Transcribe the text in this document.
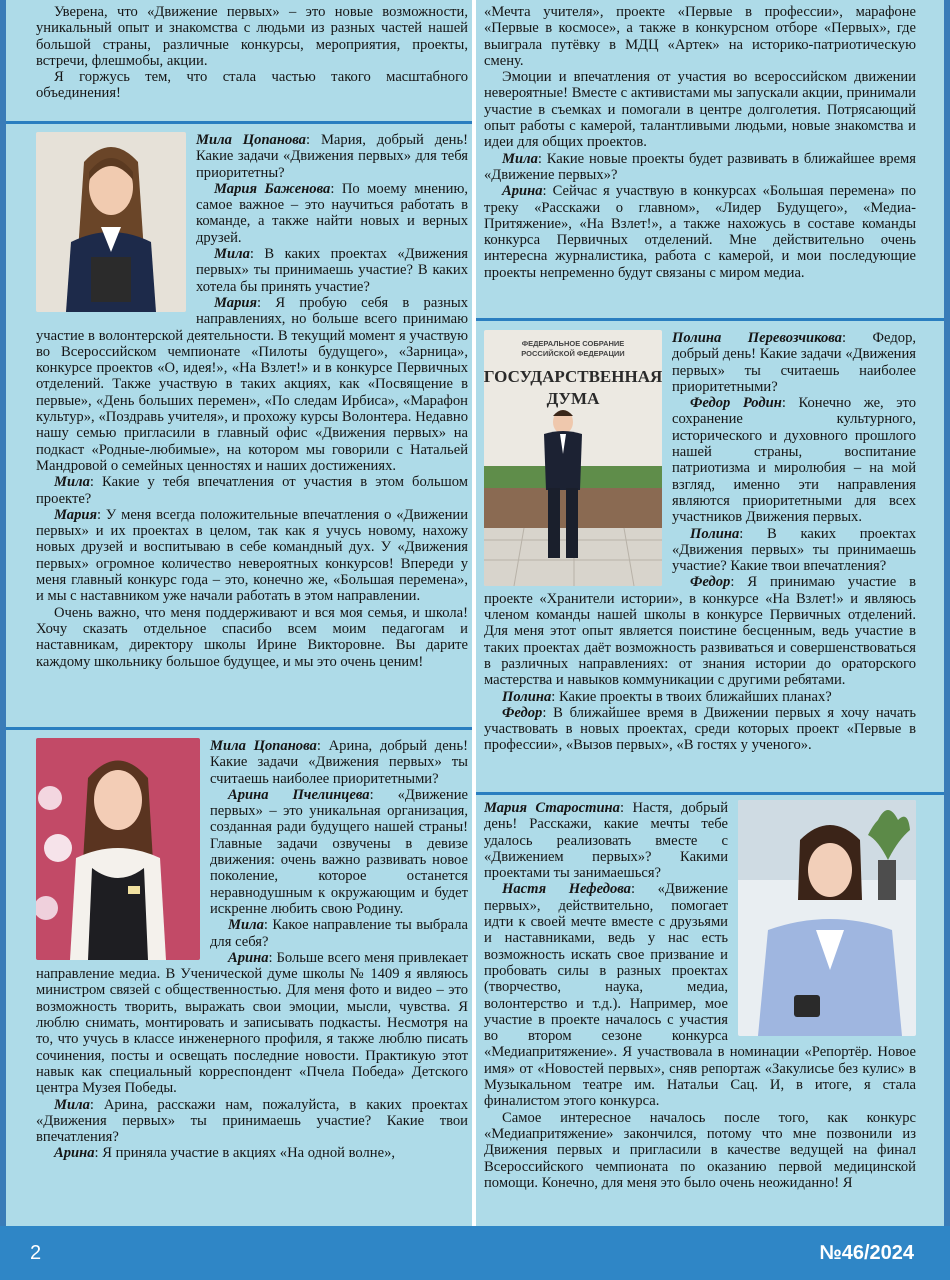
Уверена, что «Движение первых» – это новые возможности, уникальный опыт и знакомства с людьми из разных частей нашей большой страны, различные конкурсы, мероприятия, проекты, встречи, флешмобы, акции.

Я горжусь тем, что стала частью такого масштабного объединения!

Мила Цопанова: Мария, добрый день! Какие задачи «Движения первых» для тебя приоритетны?

Мария Баженова: По моему мнению, самое важное – это научиться работать в команде, а также найти новых и верных друзей.

Мила: В каких проектах «Движения первых» ты принимаешь участие? В каких хотела бы принять участие?

Мария: Я пробую себя в разных направлениях, но больше всего принимаю участие в волонтерской деятельности. В текущий момент я участвую во Всероссийском чемпионате «Пилоты будущего», «Зарница», конкурсе проектов «О, идея!», «На Взлет!» и в конкурсе Первичных отделений. Также участвую в таких акциях, как «Посвящение в первые», «День больших перемен», «По следам Ирбиса», «Марафон культур», «Поздравь учителя», и прохожу курсы Волонтера. Недавно нашу семью пригласили в главный офис «Движения первых» на подкаст «Родные-любимые», на котором мы говорили с Натальей Мандровой о семейных ценностях и наших достижениях.

Мила: Какие у тебя впечатления от участия в этом большом проекте?

Мария: У меня всегда положительные впечатления о «Движении первых» и их проектах в целом, так как я учусь новому, нахожу новых друзей и воспитываю в себе командный дух. У «Движения первых» огромное количество невероятных конкурсов! Впереди у меня главный конкурс года – это, конечно же, «Большая перемена», и мы с наставником уже начали работать в этом направлении.

Очень важно, что меня поддерживают и вся моя семья, и школа! Хочу сказать отдельное спасибо всем моим педагогам и наставникам, директору школы Ирине Викторовне. Вы дарите каждому школьнику большое будущее, и мы это очень ценим!

Мила Цопанова: Арина, добрый день! Какие задачи «Движения первых» ты считаешь наиболее приоритетными?

Арина Пчелинцева: «Движение первых» – это уникальная организация, созданная ради будущего нашей страны! Главные задачи озвучены в девизе движения: очень важно развивать новое поколение, которое останется неравнодушным к окружающим и будет искренне любить свою Родину.

Мила: Какое направление ты выбрала для себя?

Арина: Больше всего меня привлекает направление медиа. В Ученической думе школы № 1409 я являюсь министром связей с общественностью. Для меня фото и видео – это возможность творить, выражать свои эмоции, мысли, чувства. Я люблю снимать, монтировать и записывать подкасты. Несмотря на то, что учусь в классе инженерного профиля, я также люблю писать сочинения, посты и освещать последние новости. Практикую этот навык как специальный корреспондент «Пчела Победа» Детского центра Музея Победы.

Мила: Арина, расскажи нам, пожалуйста, в каких проектах «Движения первых» ты принимаешь участие? Какие твои впечатления?

Арина: Я приняла участие в акциях «На одной волне»,

«Мечта учителя», проекте «Первые в профессии», марафоне «Первые в космосе», а также в конкурсном отборе «Первых», где выиграла путёвку в МДЦ «Артек» на историко-патриотическую смену.

Эмоции и впечатления от участия во всероссийском движении невероятные! Вместе с активистами мы запускали акции, принимали участие в съемках и помогали в центре долголетия. Потрясающий опыт работы с камерой, талантливыми людьми, новые знакомства и идеи для общих проектов.

Мила: Какие новые проекты будет развивать в ближайшее время «Движение первых»?

Арина: Сейчас я участвую в конкурсах «Большая перемена» по треку «Расскажи о главном», «Лидер Будущего», «Медиа-Притяжение», «На Взлет!», а также нахожусь в составе команды конкурса Первичных отделений. Мне действительно очень интересна журналистика, работа с камерой, и мои последующие проекты непременно будут связаны с миром медиа.

ФЕДЕРАЛЬНОЕ СОБРАНИЕ
РОССИЙСКОЙ ФЕДЕРАЦИИ
ГОСУДАРСТВЕННАЯ
ДУМА

Полина Перевозчикова: Федор, добрый день! Какие задачи «Движения первых» ты считаешь наиболее приоритетными?

Федор Родин: Конечно же, это сохранение культурного, исторического и духовного прошлого нашей страны, воспитание патриотизма и миролюбия – на мой взгляд, именно эти направления являются приоритетными для всех участников Движения первых.

Полина: В каких проектах «Движения первых» ты принимаешь участие? Какие твои впечатления?

Федор: Я принимаю участие в проекте «Хранители истории», в конкурсе «На Взлет!» и являюсь членом команды нашей школы в конкурсе Первичных отделений. Для меня этот опыт является поистине бесценным, ведь участие в таких проектах даёт возможность развиваться и совершенствоваться в различных направлениях: от знания истории до ораторского мастерства и навыков коммуникации с другими ребятами.

Полина: Какие проекты в твоих ближайших планах?

Федор: В ближайшее время в Движении первых я хочу начать участвовать в новых проектах, среди которых проект «Первые в профессии», «Вызов первых», «В гостях у ученого».

Мария Старостина: Настя, добрый день! Расскажи, какие мечты тебе удалось реализовать вместе с «Движением первых»? Какими проектами ты занимаешься?

Настя Нефедова: «Движение первых», действительно, помогает идти к своей мечте вместе с друзьями и наставниками, ведь у нас есть возможность искать свое призвание и пробовать силы в разных проектах (творчество, наука, медиа, волонтерство и т.д.). Например, мое участие в проекте началось с участия во втором сезоне конкурса «Медиапритяжение». Я участвовала в номинации «Репортёр. Новое имя» от «Новостей первых», сняв репортаж «Закулисье без кулис» в Музыкальном театре им. Натальи Сац. И, в итоге, я стала финалистом этого конкурса.

Самое интересное началось после того, как конкурс «Медиапритяжение» закончился, потому что мне позвонили из Движения первых и пригласили в качестве ведущей на финал Всероссийского чемпионата по оказанию первой медицинской помощи. Конечно, для меня это было очень неожиданно! Я

2	№46/2024
